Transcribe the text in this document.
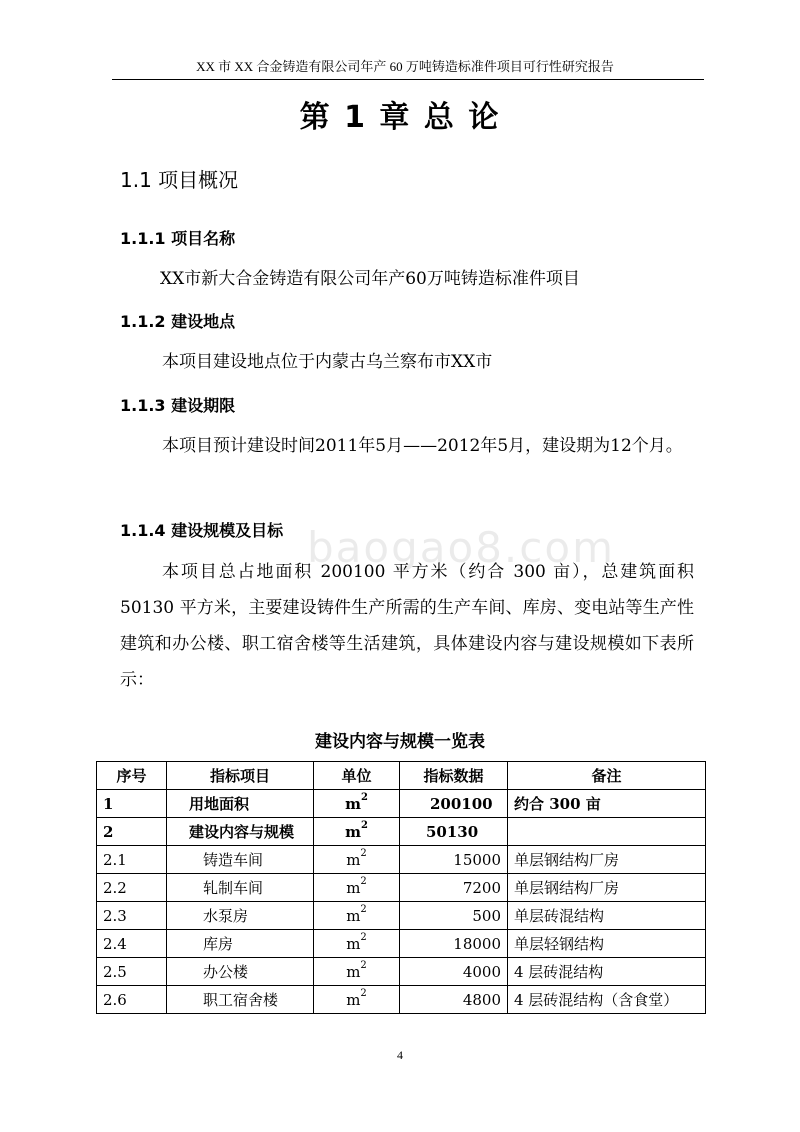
XX 市 XX 合金铸造有限公司年产 60 万吨铸造标准件项目可行性研究报告
第 1 章 总 论
1.1 项目概况
1.1.1 项目名称
XX市新大合金铸造有限公司年产60万吨铸造标准件项目
1.1.2 建设地点
本项目建设地点位于内蒙古乌兰察布市XX市
1.1.3 建设期限
本项目预计建设时间2011年5月——2012年5月，建设期为12个月。
1.1.4 建设规模及目标
本项目总占地面积 200100 平方米（约合 300 亩），总建筑面积 50130 平方米，主要建设铸件生产所需的生产车间、库房、变电站等生产性建筑和办公楼、职工宿舍楼等生活建筑，具体建设内容与建设规模如下表所示：
baogao8.com
建设内容与规模一览表
序号	指标项目	单位	指标数据	备注
1	用地面积	$m^2$	200100	约合 300 亩
2	建设内容与规模	$m^2$	50130	
2.1	铸造车间	$m^2$	15000	单层钢结构厂房
2.2	轧制车间	$m^2$	7200	单层钢结构厂房
2.3	水泵房	$m^2$	500	单层砖混结构
2.4	库房	$m^2$	18000	单层轻钢结构
2.5	办公楼	$m^2$	4000	4 层砖混结构
2.6	职工宿舍楼	$m^2$	4800	4 层砖混结构（含食堂）
4
